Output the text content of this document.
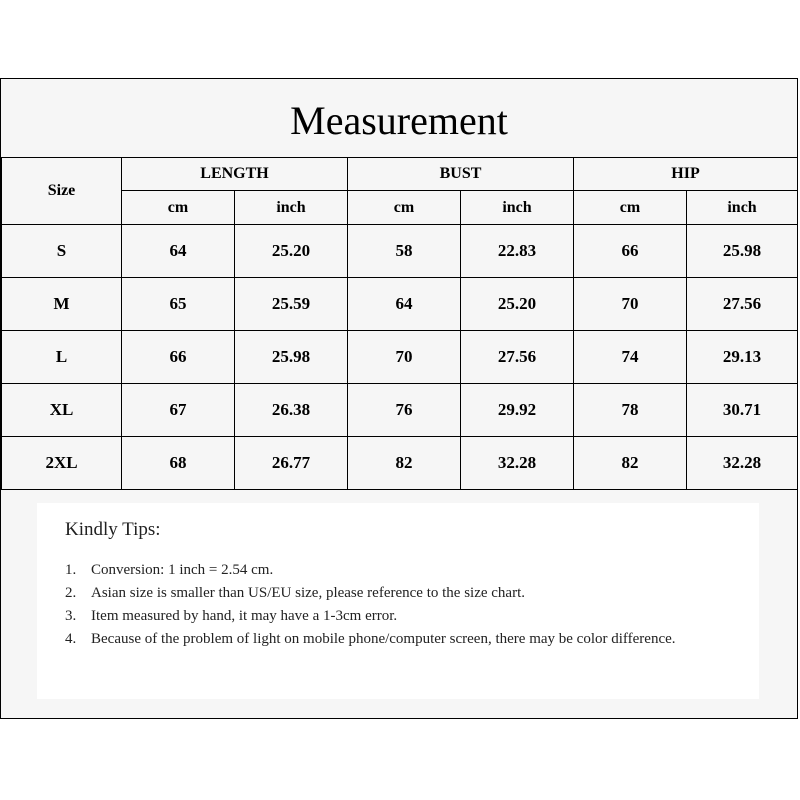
Measurement
Size	LENGTH		BUST		HIP	
	cm	inch	cm	inch	cm	inch
S	64	25.20	58	22.83	66	25.98
M	65	25.59	64	25.20	70	27.56
L	66	25.98	70	27.56	74	29.13
XL	67	26.38	76	29.92	78	30.71
2XL	68	26.77	82	32.28	82	32.28
Kindly Tips:
1. Conversion: 1 inch = 2.54 cm.
2. Asian size is smaller than US/EU size, please reference to the size chart.
3. Item measured by hand, it may have a 1-3cm error.
4. Because of the problem of light on mobile phone/computer screen, there may be color difference.
